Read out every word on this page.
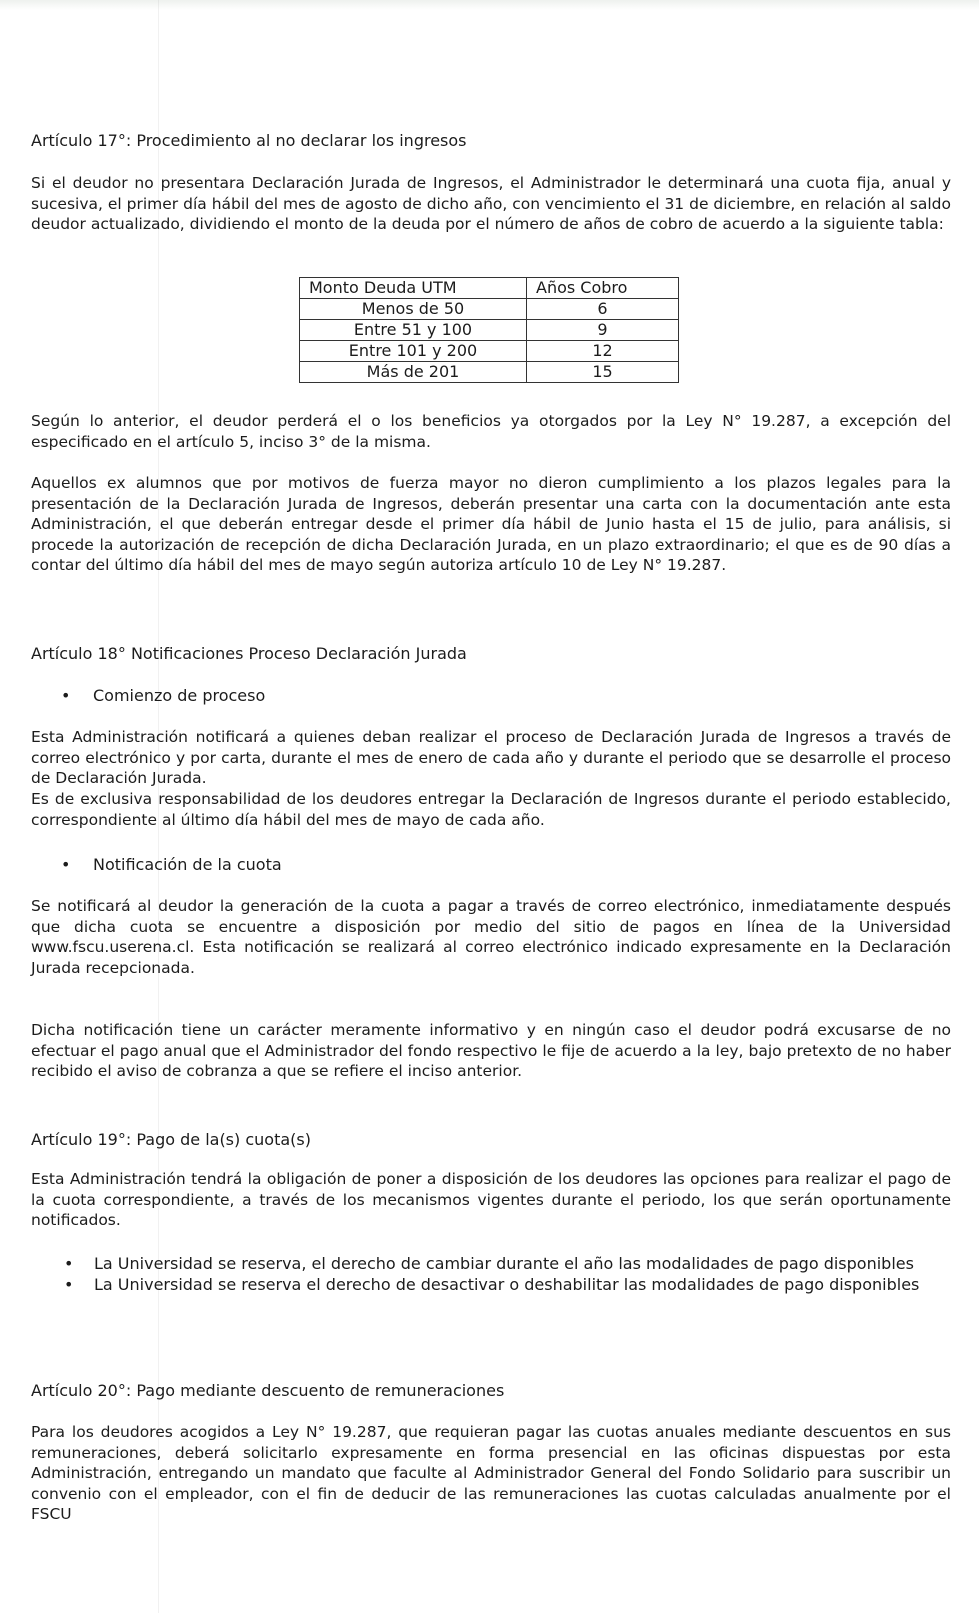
Artículo 17°: Procedimiento al no declarar los ingresos

Si el deudor no presentara Declaración Jurada de Ingresos, el Administrador le determinará una cuota fija, anual y sucesiva, el primer día hábil del mes de agosto de dicho año, con vencimiento el 31 de diciembre, en relación al saldo deudor actualizado, dividiendo el monto de la deuda por el número de años de cobro de acuerdo a la siguiente tabla:

Monto Deuda UTM	Años Cobro
Menos de 50	6
Entre 51 y 100	9
Entre 101 y 200	12
Más de 201	15

Según lo anterior, el deudor perderá el o los beneficios ya otorgados por la Ley N° 19.287, a excepción del especificado en el artículo 5, inciso 3° de la misma.

Aquellos ex alumnos que por motivos de fuerza mayor no dieron cumplimiento a los plazos legales para la presentación de la Declaración Jurada de Ingresos, deberán presentar una carta con la documentación ante esta Administración, el que deberán entregar desde el primer día hábil de Junio hasta el 15 de julio, para análisis, si procede la autorización de recepción de dicha Declaración Jurada, en un plazo extraordinario; el que es de 90 días a contar del último día hábil del mes de mayo según autoriza artículo 10 de Ley N° 19.287.

Artículo 18° Notificaciones Proceso Declaración Jurada

• Comienzo de proceso

Esta Administración notificará a quienes deban realizar el proceso de Declaración Jurada de Ingresos a través de correo electrónico y por carta, durante el mes de enero de cada año y durante el periodo que se desarrolle el proceso de Declaración Jurada.

Es de exclusiva responsabilidad de los deudores entregar la Declaración de Ingresos durante el periodo establecido, correspondiente al último día hábil del mes de mayo de cada año.

• Notificación de la cuota

Se notificará al deudor la generación de la cuota a pagar a través de correo electrónico, inmediatamente después que dicha cuota se encuentre a disposición por medio del sitio de pagos en línea de la Universidad www.fscu.userena.cl. Esta notificación se realizará al correo electrónico indicado expresamente en la Declaración Jurada recepcionada.

Dicha notificación tiene un carácter meramente informativo y en ningún caso el deudor podrá excusarse de no efectuar el pago anual que el Administrador del fondo respectivo le fije de acuerdo a la ley, bajo pretexto de no haber recibido el aviso de cobranza a que se refiere el inciso anterior.

Artículo 19°: Pago de la(s) cuota(s)

Esta Administración tendrá la obligación de poner a disposición de los deudores las opciones para realizar el pago de la cuota correspondiente, a través de los mecanismos vigentes durante el periodo, los que serán oportunamente notificados.

• La Universidad se reserva, el derecho de cambiar durante el año las modalidades de pago disponibles
• La Universidad se reserva el derecho de desactivar o deshabilitar las modalidades de pago disponibles

Artículo 20°: Pago mediante descuento de remuneraciones

Para los deudores acogidos a Ley N° 19.287, que requieran pagar las cuotas anuales mediante descuentos en sus remuneraciones, deberá solicitarlo expresamente en forma presencial en las oficinas dispuestas por esta Administración, entregando un mandato que faculte al Administrador General del Fondo Solidario para suscribir un convenio con el empleador, con el fin de deducir de las remuneraciones las cuotas calculadas anualmente por el FSCU
